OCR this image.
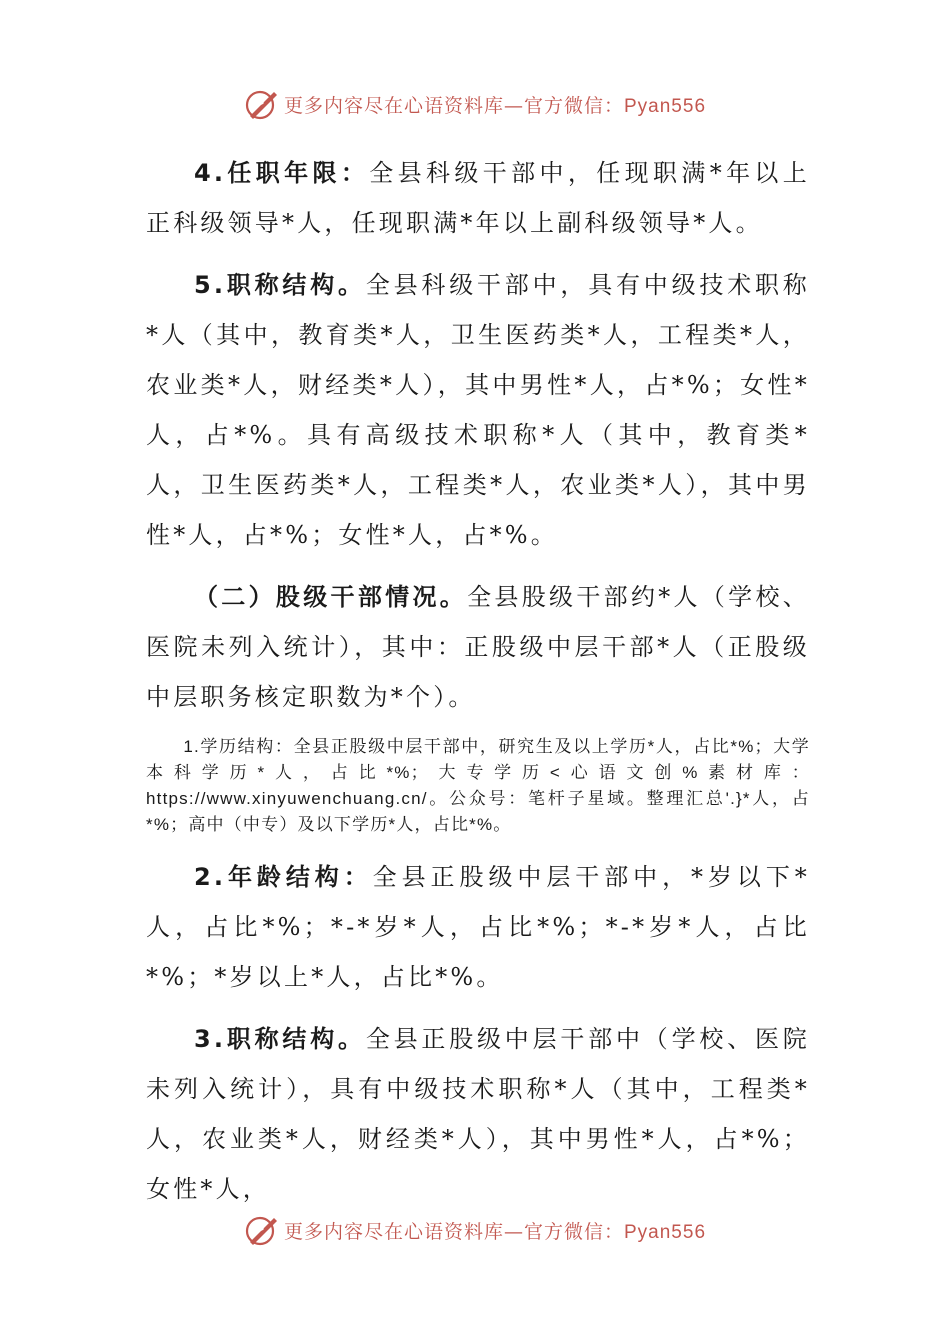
更多内容尽在心语资料库—官方微信：Pyan556

4.任职年限：全县科级干部中，任现职满*年以上正科级领导*人，任现职满*年以上副科级领导*人。

5.职称结构。全县科级干部中，具有中级技术职称*人（其中，教育类*人，卫生医药类*人，工程类*人，农业类*人，财经类*人），其中男性*人，占*%；女性*人，占*%。具有高级技术职称*人（其中，教育类*人，卫生医药类*人，工程类*人，农业类*人），其中男性*人，占*%；女性*人，占*%。

（二）股级干部情况。全县股级干部约*人（学校、医院未列入统计），其中：正股级中层干部*人（正股级中层职务核定职数为*个）。

1.学历结构：全县正股级中层干部中，研究生及以上学历*人，占比*%；大学本科学历*人，占比*%；大专学历<心语文创%素材库：https://www.xinyuwenchuang.cn/。公众号：笔杆子星域。整理汇总'.}*人，占*%；高中（中专）及以下学历*人，占比*%。

2.年龄结构：全县正股级中层干部中，*岁以下*人，占比*%；*-*岁*人，占比*%；*-*岁*人，占比*%；*岁以上*人，占比*%。

3.职称结构。全县正股级中层干部中（学校、医院未列入统计），具有中级技术职称*人（其中，工程类*人，农业类*人，财经类*人），其中男性*人，占*%；女性*人，

更多内容尽在心语资料库—官方微信：Pyan556
